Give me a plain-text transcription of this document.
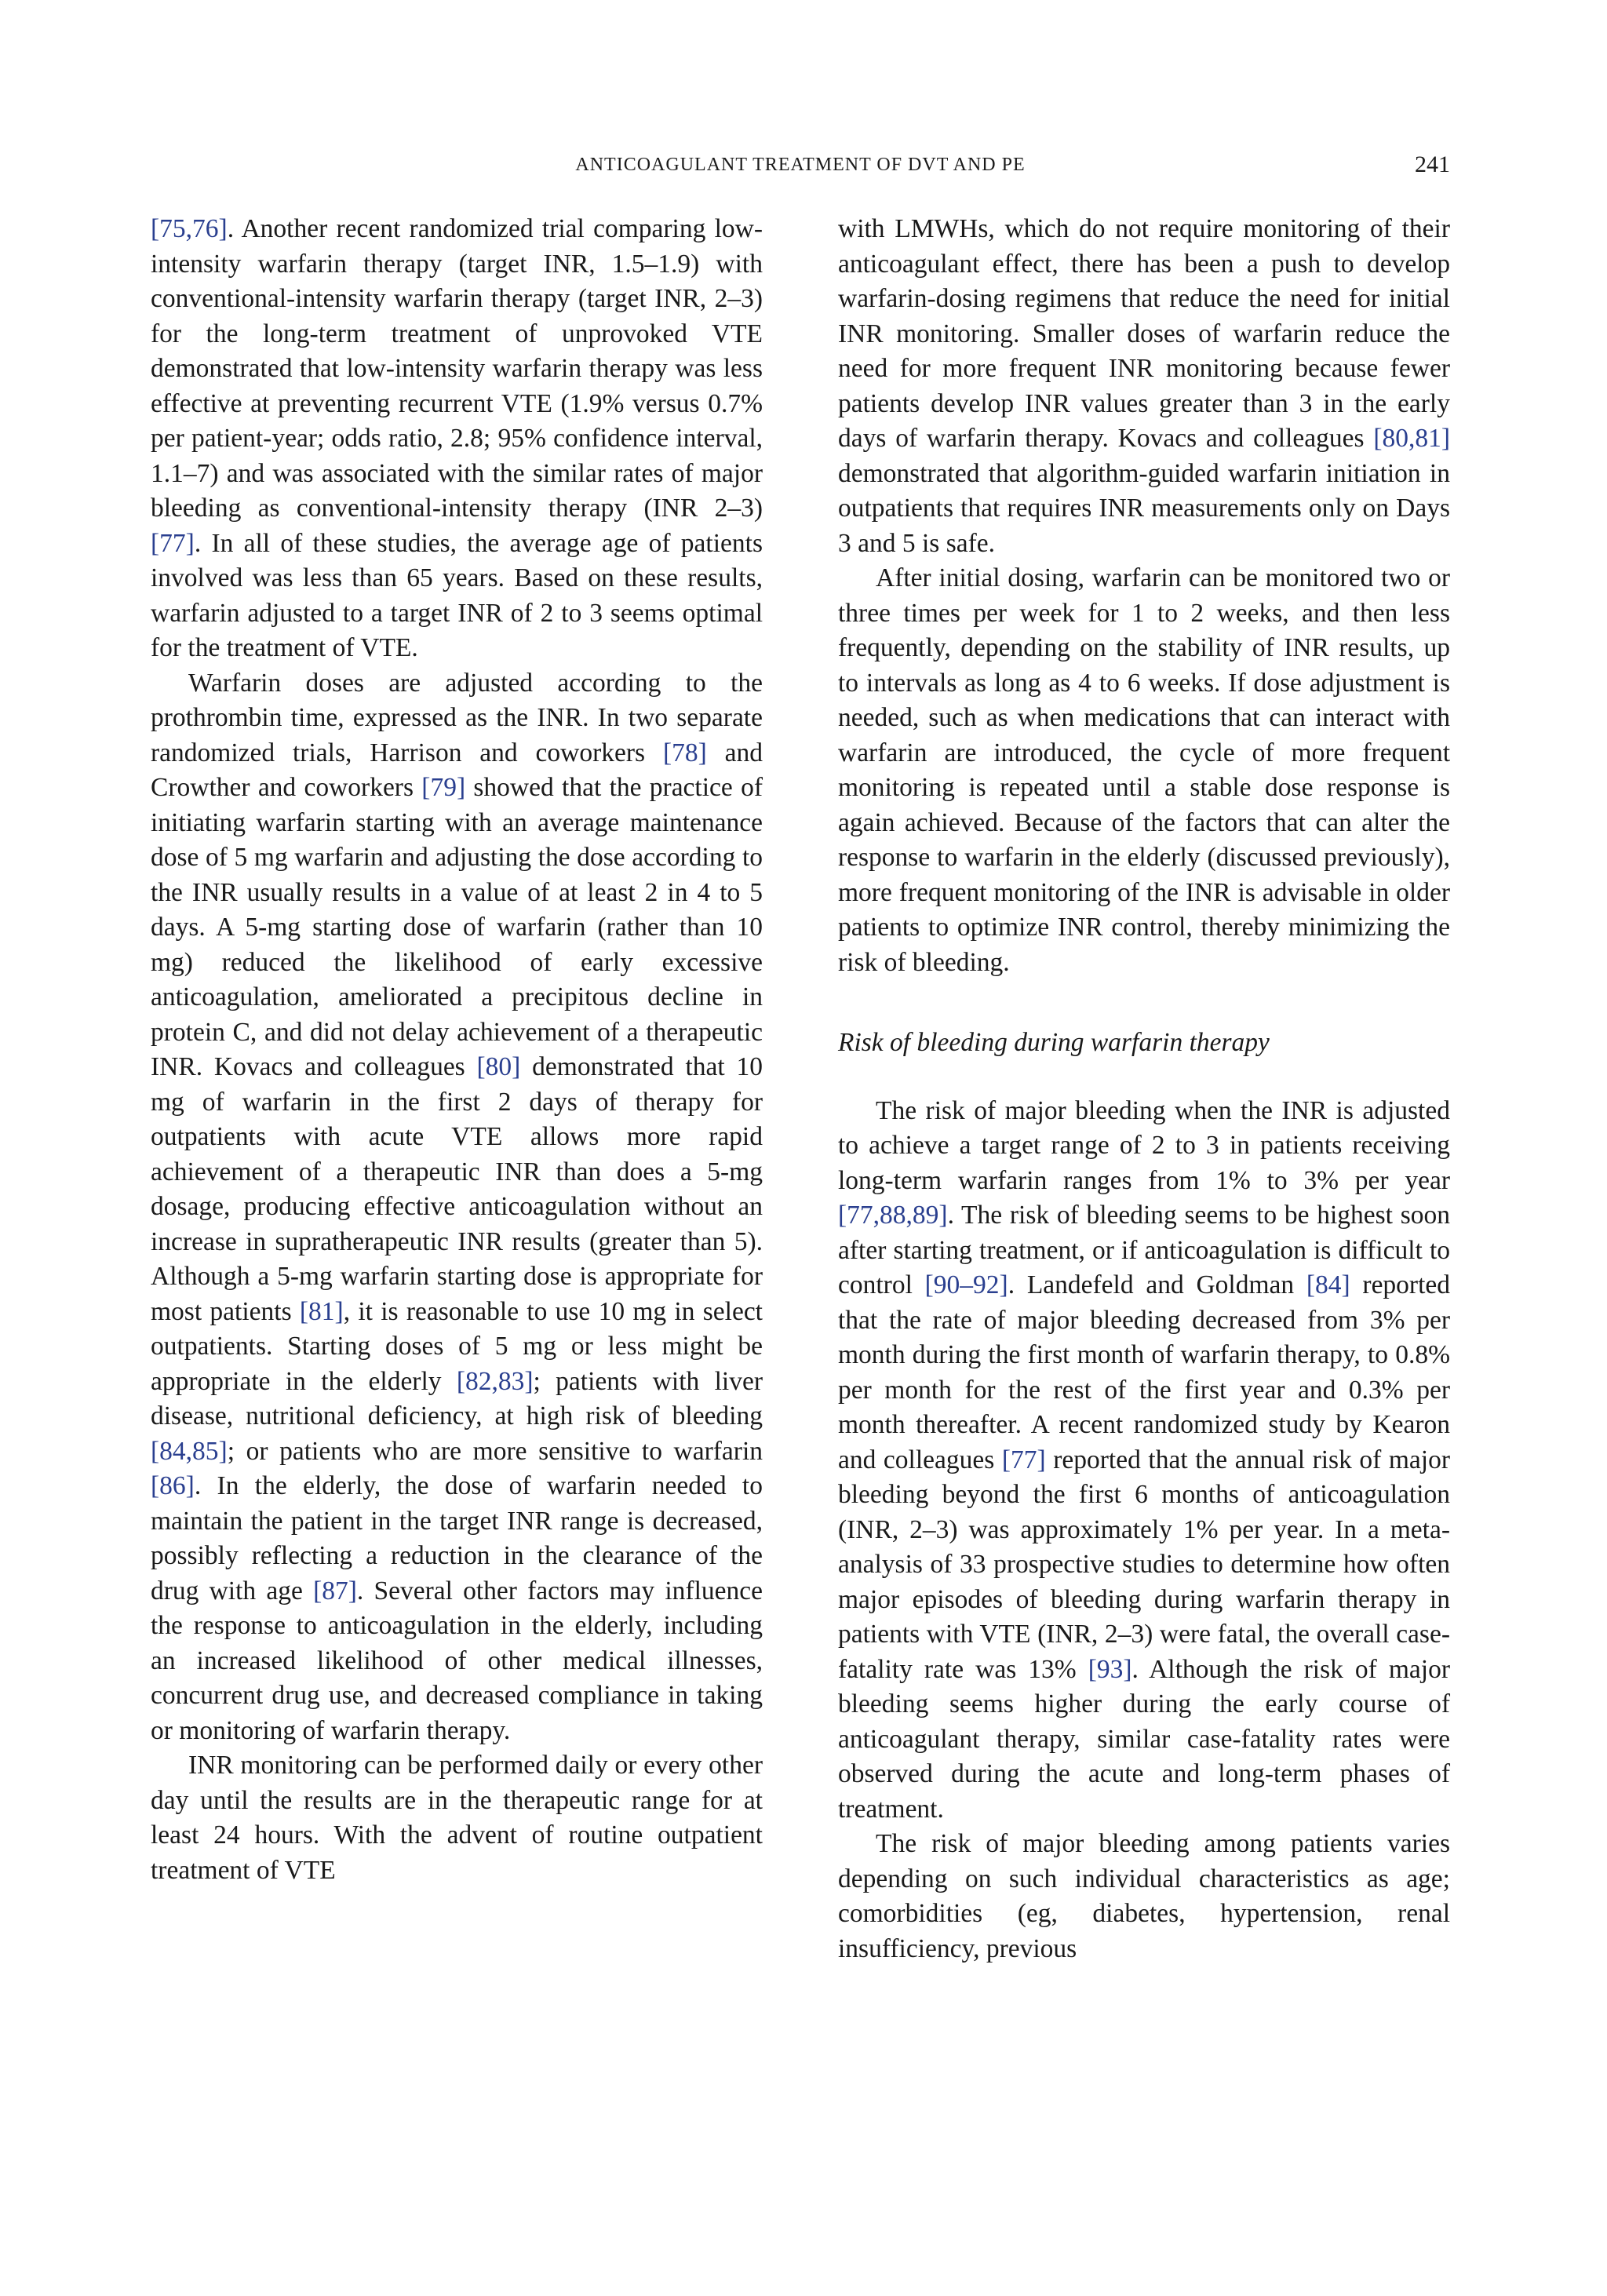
ANTICOAGULANT TREATMENT OF DVT AND PE	241

[75,76]. Another recent randomized trial comparing low-intensity warfarin therapy (target INR, 1.5–1.9) with conventional-intensity warfarin therapy (target INR, 2–3) for the long-term treatment of unprovoked VTE demonstrated that low-intensity warfarin therapy was less effective at preventing recurrent VTE (1.9% versus 0.7% per patient-year; odds ratio, 2.8; 95% confidence interval, 1.1–7) and was associated with the similar rates of major bleeding as conventional-intensity therapy (INR 2–3) [77]. In all of these studies, the average age of patients involved was less than 65 years. Based on these results, warfarin adjusted to a target INR of 2 to 3 seems optimal for the treatment of VTE.

Warfarin doses are adjusted according to the prothrombin time, expressed as the INR. In two separate randomized trials, Harrison and coworkers [78] and Crowther and coworkers [79] showed that the practice of initiating warfarin starting with an average maintenance dose of 5 mg warfarin and adjusting the dose according to the INR usually results in a value of at least 2 in 4 to 5 days. A 5-mg starting dose of warfarin (rather than 10 mg) reduced the likelihood of early excessive anticoagulation, ameliorated a precipitous decline in protein C, and did not delay achievement of a therapeutic INR. Kovacs and colleagues [80] demonstrated that 10 mg of warfarin in the first 2 days of therapy for outpatients with acute VTE allows more rapid achievement of a therapeutic INR than does a 5-mg dosage, producing effective anticoagulation without an increase in supratherapeutic INR results (greater than 5). Although a 5-mg warfarin starting dose is appropriate for most patients [81], it is reasonable to use 10 mg in select outpatients. Starting doses of 5 mg or less might be appropriate in the elderly [82,83]; patients with liver disease, nutritional deficiency, at high risk of bleeding [84,85]; or patients who are more sensitive to warfarin [86]. In the elderly, the dose of warfarin needed to maintain the patient in the target INR range is decreased, possibly reflecting a reduction in the clearance of the drug with age [87]. Several other factors may influence the response to anticoagulation in the elderly, including an increased likelihood of other medical illnesses, concurrent drug use, and decreased compliance in taking or monitoring of warfarin therapy.

INR monitoring can be performed daily or every other day until the results are in the therapeutic range for at least 24 hours. With the advent of routine outpatient treatment of VTE

with LMWHs, which do not require monitoring of their anticoagulant effect, there has been a push to develop warfarin-dosing regimens that reduce the need for initial INR monitoring. Smaller doses of warfarin reduce the need for more frequent INR monitoring because fewer patients develop INR values greater than 3 in the early days of warfarin therapy. Kovacs and colleagues [80,81] demonstrated that algorithm-guided warfarin initiation in outpatients that requires INR measurements only on Days 3 and 5 is safe.

After initial dosing, warfarin can be monitored two or three times per week for 1 to 2 weeks, and then less frequently, depending on the stability of INR results, up to intervals as long as 4 to 6 weeks. If dose adjustment is needed, such as when medications that can interact with warfarin are introduced, the cycle of more frequent monitoring is repeated until a stable dose response is again achieved. Because of the factors that can alter the response to warfarin in the elderly (discussed previously), more frequent monitoring of the INR is advisable in older patients to optimize INR control, thereby minimizing the risk of bleeding.

Risk of bleeding during warfarin therapy

The risk of major bleeding when the INR is adjusted to achieve a target range of 2 to 3 in patients receiving long-term warfarin ranges from 1% to 3% per year [77,88,89]. The risk of bleeding seems to be highest soon after starting treatment, or if anticoagulation is difficult to control [90–92]. Landefeld and Goldman [84] reported that the rate of major bleeding decreased from 3% per month during the first month of warfarin therapy, to 0.8% per month for the rest of the first year and 0.3% per month thereafter. A recent randomized study by Kearon and colleagues [77] reported that the annual risk of major bleeding beyond the first 6 months of anticoagulation (INR, 2–3) was approximately 1% per year. In a meta-analysis of 33 prospective studies to determine how often major episodes of bleeding during warfarin therapy in patients with VTE (INR, 2–3) were fatal, the overall case-fatality rate was 13% [93]. Although the risk of major bleeding seems higher during the early course of anticoagulant therapy, similar case-fatality rates were observed during the acute and long-term phases of treatment.

The risk of major bleeding among patients varies depending on such individual characteristics as age; comorbidities (eg, diabetes, hypertension, renal insufficiency, previous
